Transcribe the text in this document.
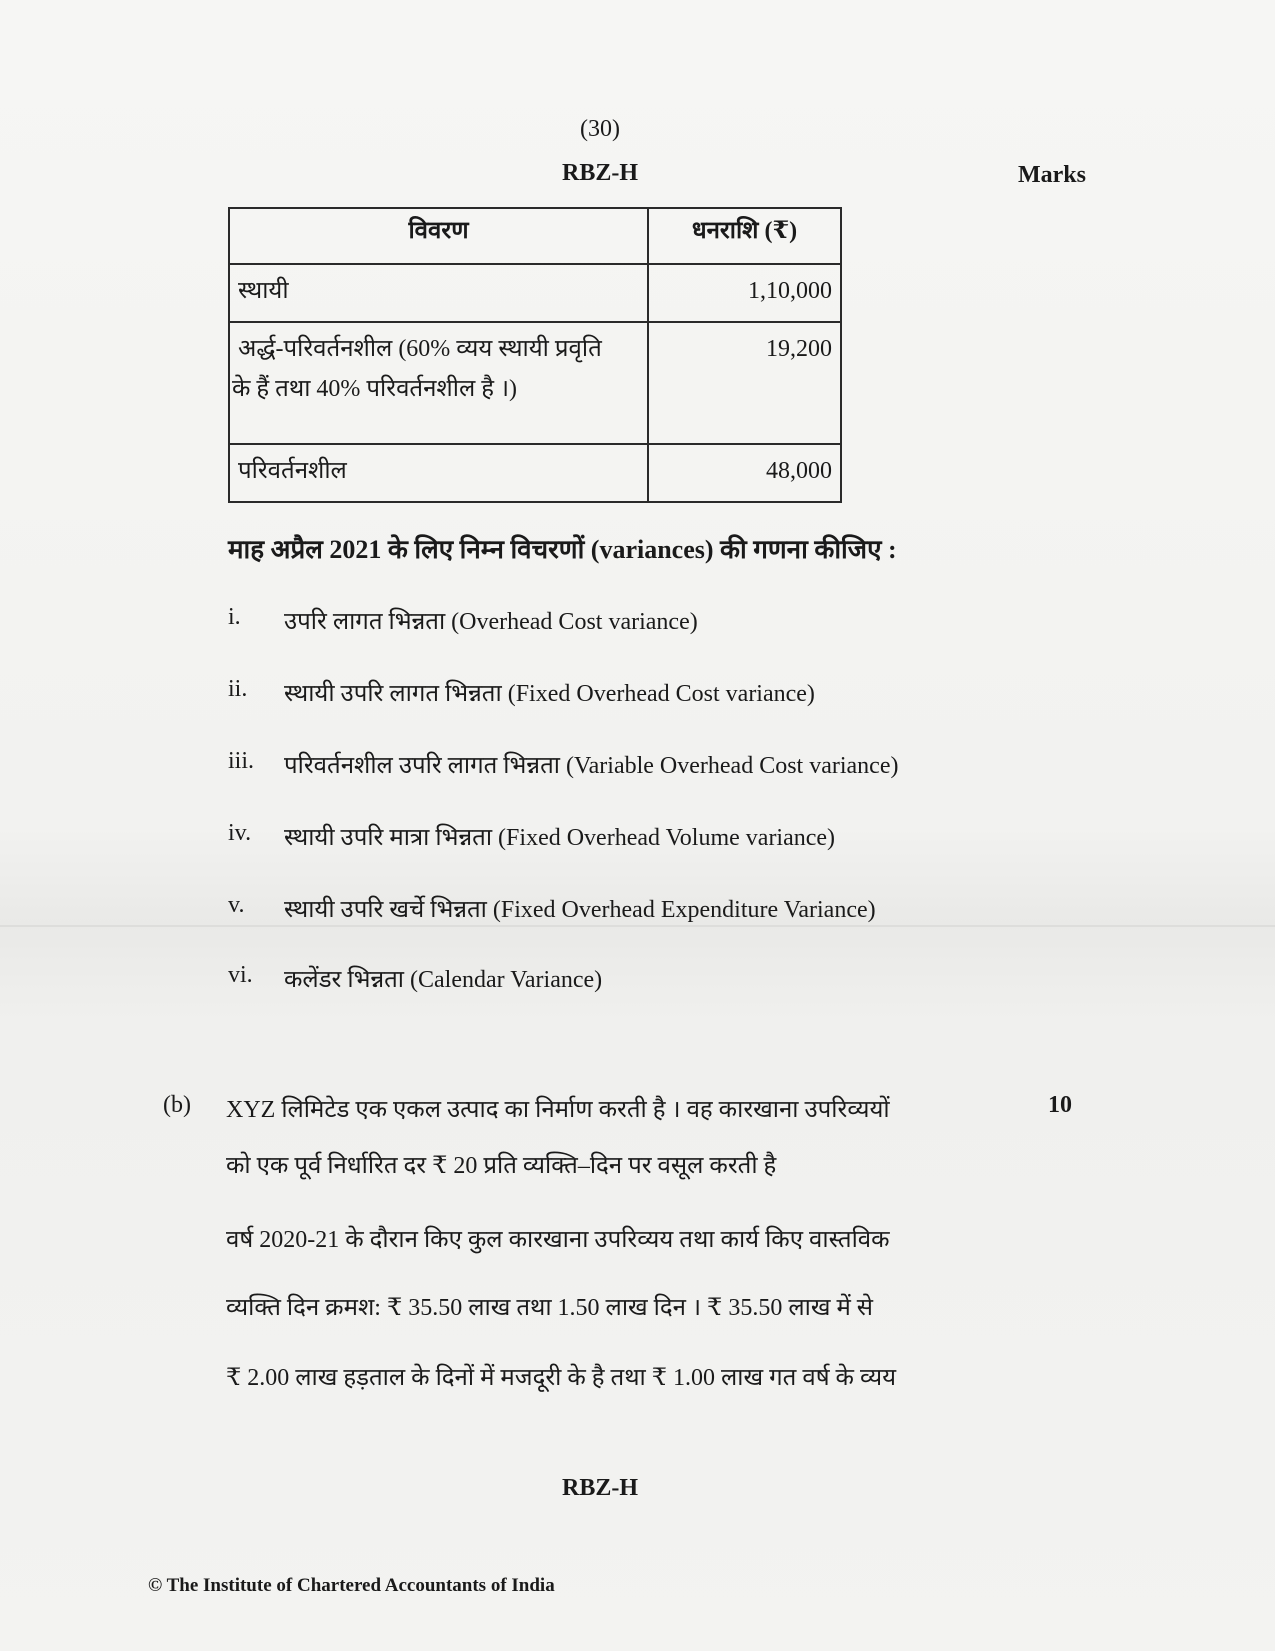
(30)
RBZ-H	Marks
विवरण	धनराशि (₹)
स्थायी	1,10,000

अर्द्ध-परिवर्तनशील (60% व्यय स्थायी प्रवृति
के हैं तथा 40% परिवर्तनशील है ।)	19,200
परिवर्तनशील	48,000
माह अप्रैल 2021 के लिए निम्न विचरणों (variances) की गणना कीजिए :
i.	उपरि लागत भिन्नता (Overhead Cost variance)
ii.	स्थायी उपरि लागत भिन्नता (Fixed Overhead Cost variance)
iii.	परिवर्तनशील उपरि लागत भिन्नता (Variable Overhead Cost variance)
iv.	स्थायी उपरि मात्रा भिन्नता (Fixed Overhead Volume variance)
v.	स्थायी उपरि खर्चे भिन्नता (Fixed Overhead Expenditure Variance)
vi.	कलेंडर भिन्नता (Calendar Variance)
(b)	10
XYZ लिमिटेड एक एकल उत्पाद का निर्माण करती है । वह कारखाना उपरिव्ययों
को एक पूर्व निर्धारित दर ₹ 20 प्रति व्यक्ति–दिन पर वसूल करती है
वर्ष 2020-21 के दौरान किए कुल कारखाना उपरिव्यय तथा कार्य किए वास्तविक
व्यक्ति दिन क्रमश: ₹ 35.50 लाख तथा 1.50 लाख दिन । ₹ 35.50 लाख में से
₹ 2.00 लाख हड़ताल के दिनों में मजदूरी के है तथा ₹ 1.00 लाख गत वर्ष के व्यय
RBZ-H
© The Institute of Chartered Accountants of India
